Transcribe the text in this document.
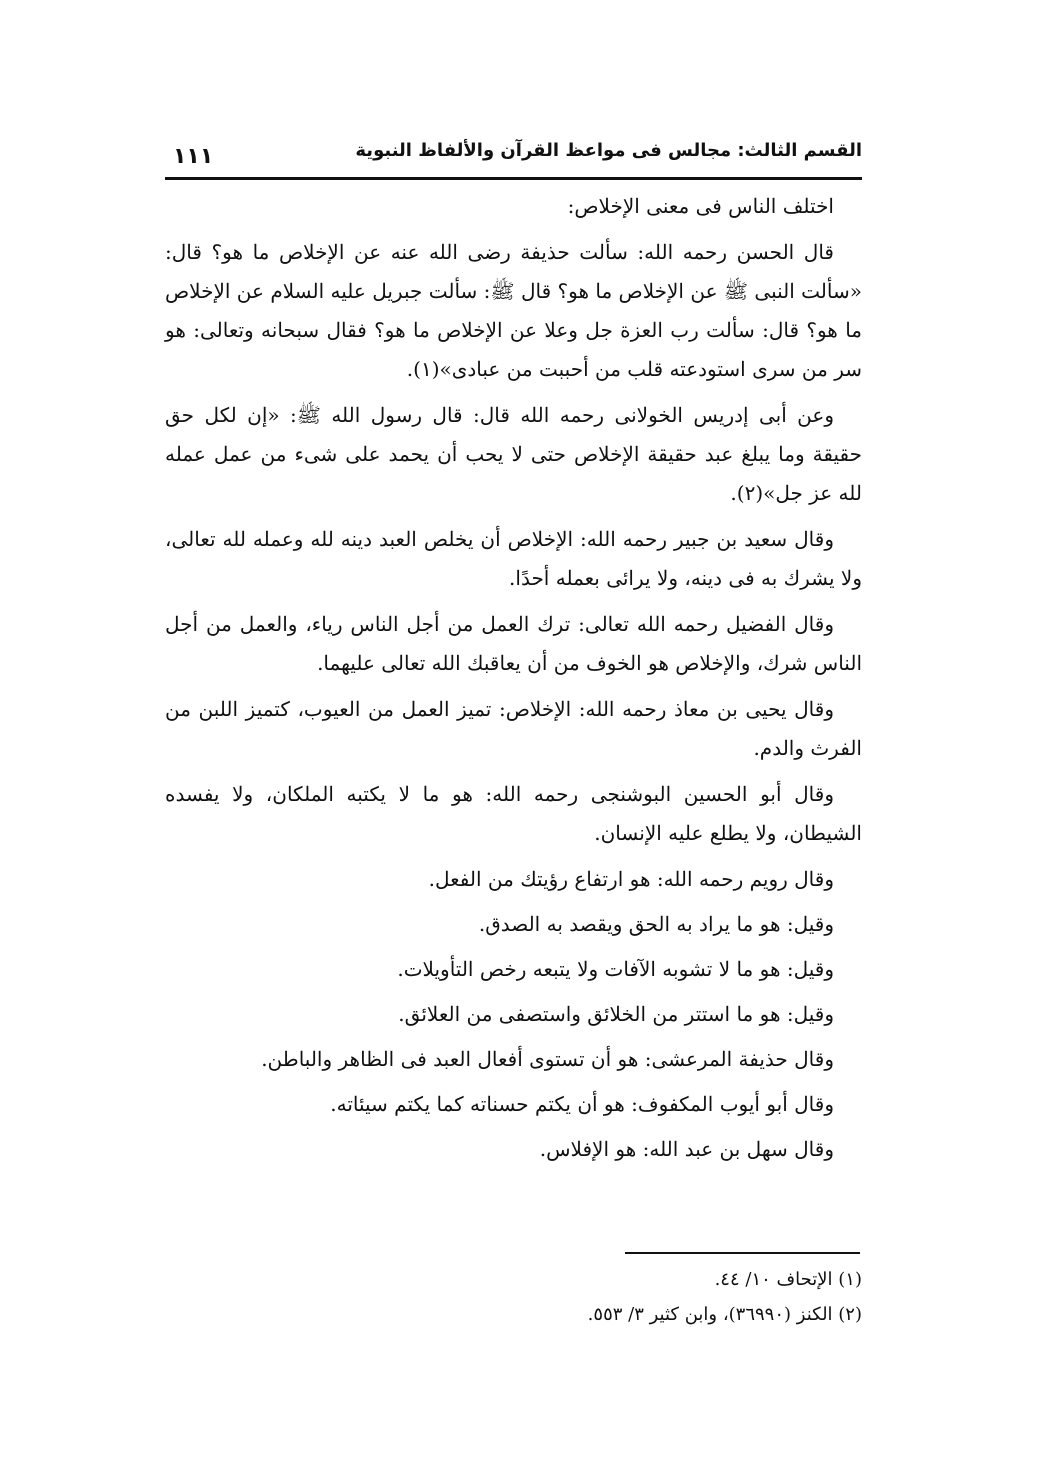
القسم الثالث: مجالس فى مواعظ القرآن والألفاظ النبوية
١١١

اختلف الناس فى معنى الإخلاص:

قال الحسن رحمه الله: سألت حذيفة رضى الله عنه عن الإخلاص ما هو؟ قال: «سألت النبى ﷺ عن الإخلاص ما هو؟ قال ﷺ: سألت جبريل عليه السلام عن الإخلاص ما هو؟ قال: سألت رب العزة جل وعلا عن الإخلاص ما هو؟ فقال سبحانه وتعالى: هو سر من سرى استودعته قلب من أحببت من عبادى»(١).

وعن أبى إدريس الخولانى رحمه الله قال: قال رسول الله ﷺ: «إن لكل حق حقيقة وما يبلغ عبد حقيقة الإخلاص حتى لا يحب أن يحمد على شىء من عمل عمله لله عز جل»(٢).

وقال سعيد بن جبير رحمه الله: الإخلاص أن يخلص العبد دينه لله وعمله لله تعالى، ولا يشرك به فى دينه، ولا يرائى بعمله أحدًا.

وقال الفضيل رحمه الله تعالى: ترك العمل من أجل الناس رياء، والعمل من أجل الناس شرك، والإخلاص هو الخوف من أن يعاقبك الله تعالى عليهما.

وقال يحيى بن معاذ رحمه الله: الإخلاص: تميز العمل من العيوب، كتميز اللبن من الفرث والدم.

وقال أبو الحسين البوشنجى رحمه الله: هو ما لا يكتبه الملكان، ولا يفسده الشيطان، ولا يطلع عليه الإنسان.

وقال رويم رحمه الله: هو ارتفاع رؤيتك من الفعل.

وقيل: هو ما يراد به الحق ويقصد به الصدق.

وقيل: هو ما لا تشوبه الآفات ولا يتبعه رخص التأويلات.

وقيل: هو ما استتر من الخلائق واستصفى من العلائق.

وقال حذيفة المرعشى: هو أن تستوى أفعال العبد فى الظاهر والباطن.

وقال أبو أيوب المكفوف: هو أن يكتم حسناته كما يكتم سيئاته.

وقال سهل بن عبد الله: هو الإفلاس.

(١) الإتحاف ١٠/ ٤٤.

(٢) الكنز (٣٦٩٩٠)، وابن كثير ٣/ ٥٥٣.
